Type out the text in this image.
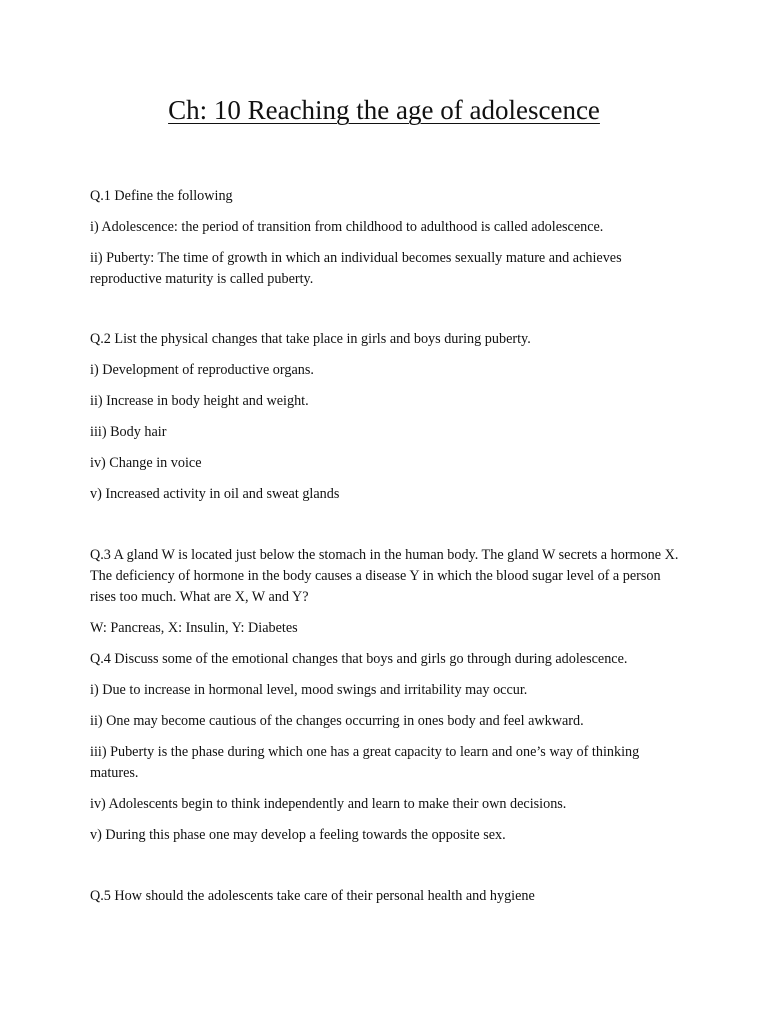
Ch: 10 Reaching the age of adolescence

Q.1 Define the following

i) Adolescence: the period of transition from childhood to adulthood is called adolescence.

ii) Puberty: The time of growth in which an individual becomes sexually mature and achieves reproductive maturity is called puberty.

Q.2 List the physical changes that take place in girls and boys during puberty.

i) Development of reproductive organs.

ii) Increase in body height and weight.

iii) Body hair

iv) Change in voice

v) Increased activity in oil and sweat glands

Q.3 A gland W is located just below the stomach in the human body. The gland W secrets a hormone X. The deficiency of hormone in the body causes a disease Y in which the blood sugar level of a person rises too much. What are X, W and Y?

W: Pancreas, X: Insulin, Y: Diabetes

Q.4 Discuss some of the emotional changes that boys and girls go through during adolescence.

i) Due to increase in hormonal level, mood swings and irritability may occur.

ii) One may become cautious of the changes occurring in ones body and feel awkward.

iii) Puberty is the phase during which one has a great capacity to learn and one’s way of thinking matures.

iv) Adolescents begin to think independently and learn to make their own decisions.

v) During this phase one may develop a feeling towards the opposite sex.

Q.5 How should the adolescents take care of their personal health and hygiene
